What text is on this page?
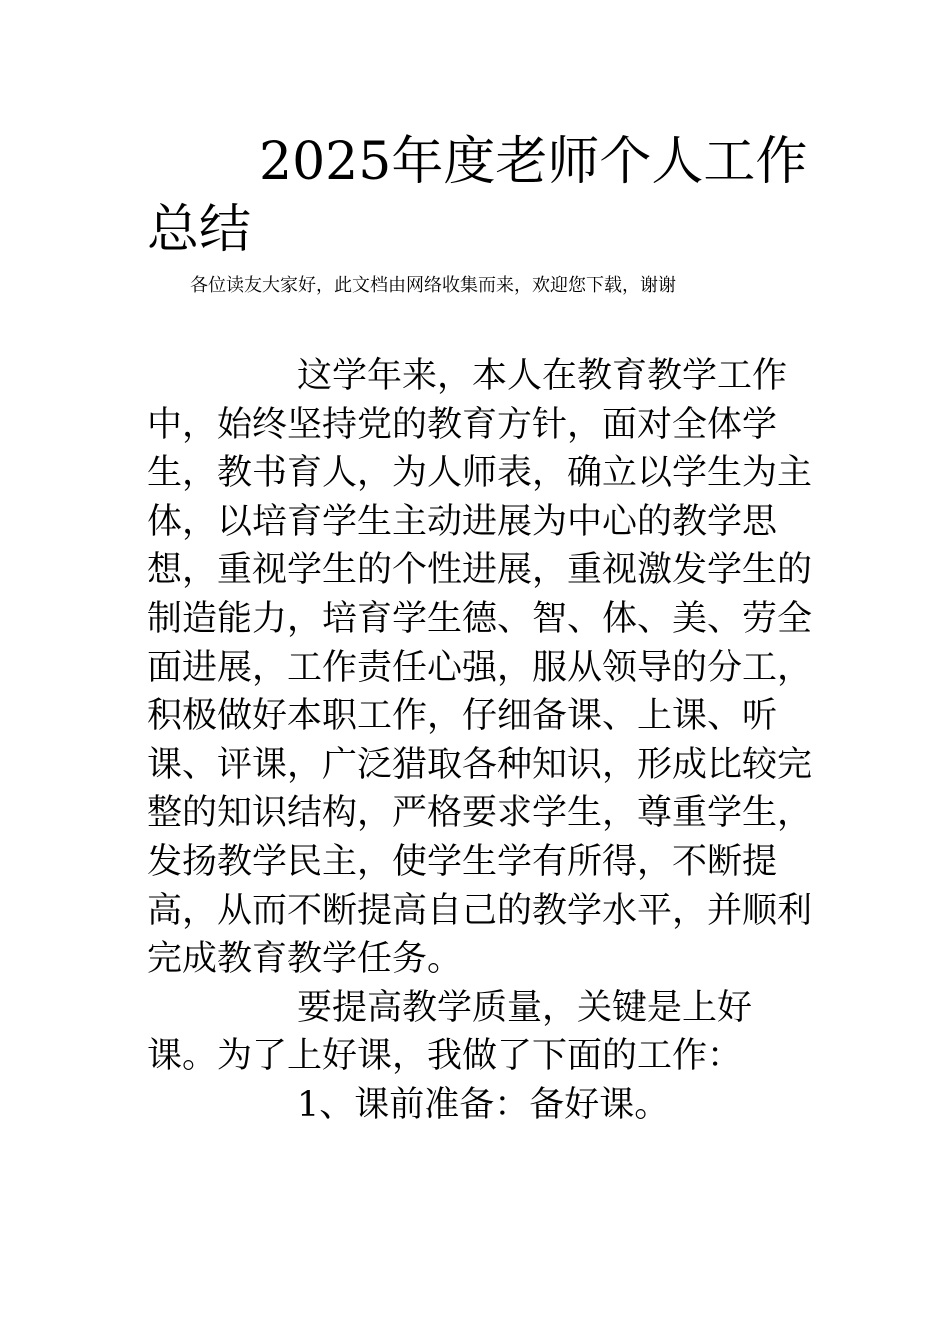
2025年度老师个人工作总结
各位读友大家好，此文档由网络收集而来，欢迎您下载，谢谢

这学年来，本人在教育教学工作中，始终坚持党的教育方针，面对全体学生，教书育人，为人师表，确立以学生为主体，以培育学生主动进展为中心的教学思想，重视学生的个性进展，重视激发学生的制造能力，培育学生德、智、体、美、劳全面进展，工作责任心强，服从领导的分工，积极做好本职工作，仔细备课、上课、听课、评课，广泛猎取各种知识，形成比较完整的知识结构，严格要求学生，尊重学生，发扬教学民主，使学生学有所得，不断提高，从而不断提高自己的教学水平，并顺利完成教育教学任务。

要提高教学质量，关键是上好课。为了上好课，我做了下面的工作：

1、课前准备：备好课。
